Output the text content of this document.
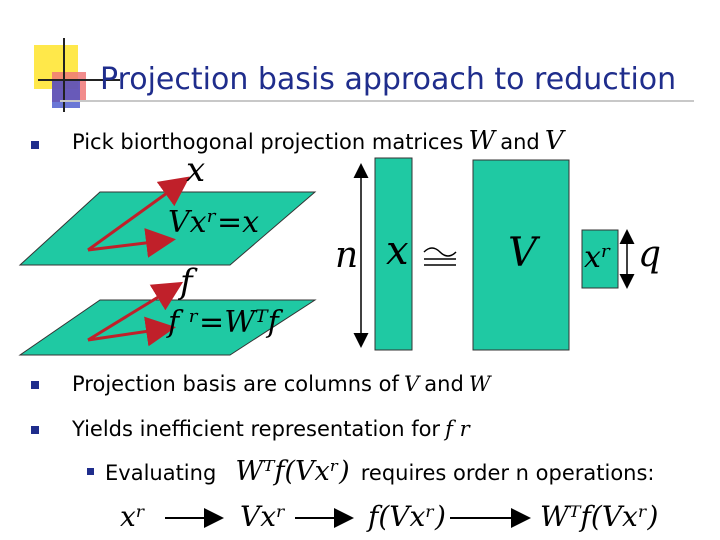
Projection basis approach to reduction
Pick biorthogonal projection matrices W and V
x
Vxʳ=x
f
f ʳ=Wᵀf
n x V xʳ q
Projection basis are columns of V and W
Yields inefficient representation for f r
Evaluating Wᵀf(Vxʳ) requires order n operations:
xʳ	Vxʳ	f(Vxʳ)	Wᵀf(Vxʳ)
